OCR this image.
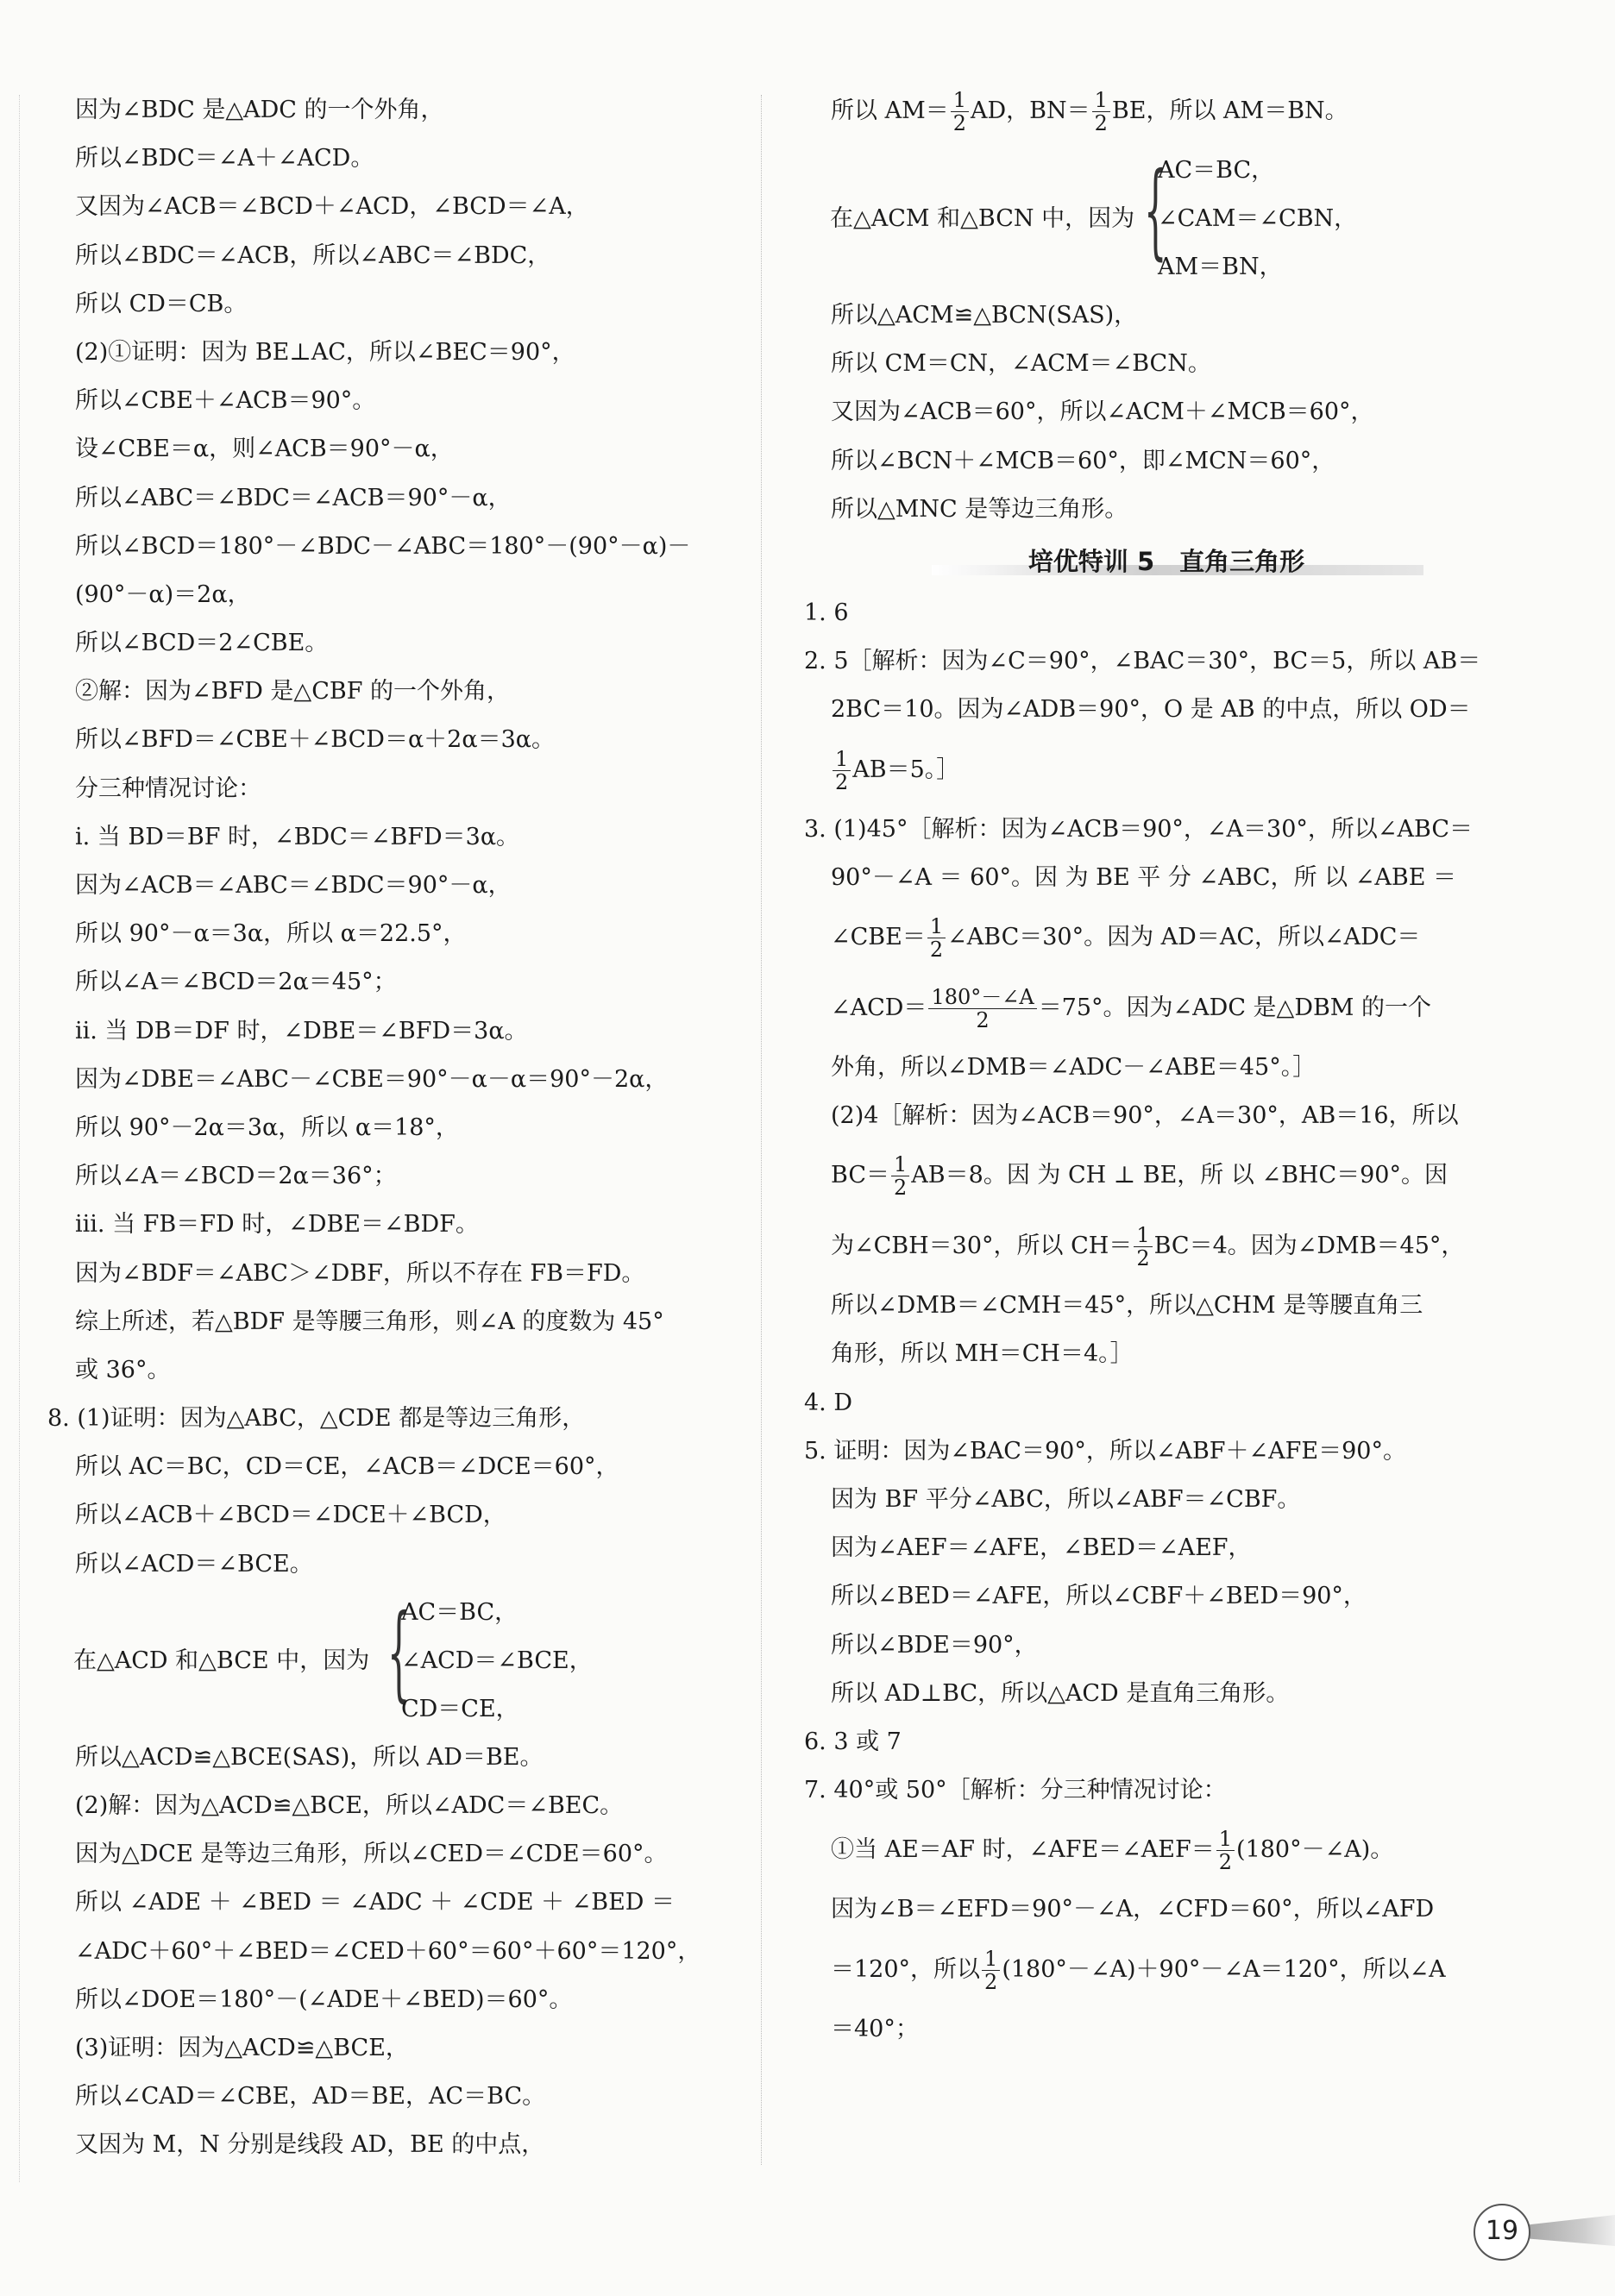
因为∠BDC 是△ADC 的一个外角，
所以∠BDC＝∠A＋∠ACD。
又因为∠ACB＝∠BCD＋∠ACD，∠BCD＝∠A，
所以∠BDC＝∠ACB，所以∠ABC＝∠BDC，
所以 CD＝CB。
(2)①证明：因为 BE⊥AC，所以∠BEC＝90°，
所以∠CBE＋∠ACB＝90°。
设∠CBE＝α，则∠ACB＝90°－α，
所以∠ABC＝∠BDC＝∠ACB＝90°－α，
所以∠BCD＝180°－∠BDC－∠ABC＝180°－(90°－α)－
(90°－α)＝2α，
所以∠BCD＝2∠CBE。
②解：因为∠BFD 是△CBF 的一个外角，
所以∠BFD＝∠CBE＋∠BCD＝α＋2α＝3α。
分三种情况讨论：
ⅰ. 当 BD＝BF 时，∠BDC＝∠BFD＝3α。
因为∠ACB＝∠ABC＝∠BDC＝90°－α，
所以 90°－α＝3α，所以 α＝22.5°，
所以∠A＝∠BCD＝2α＝45°；
ⅱ. 当 DB＝DF 时，∠DBE＝∠BFD＝3α。
因为∠DBE＝∠ABC－∠CBE＝90°－α－α＝90°－2α，
所以 90°－2α＝3α，所以 α＝18°，
所以∠A＝∠BCD＝2α＝36°；
ⅲ. 当 FB＝FD 时，∠DBE＝∠BDF。
因为∠BDF＝∠ABC＞∠DBF，所以不存在 FB＝FD。
综上所述，若△BDF 是等腰三角形，则∠A 的度数为 45°
或 36°。
8. (1)证明：因为△ABC，△CDE 都是等边三角形，
所以 AC＝BC，CD＝CE，∠ACB＝∠DCE＝60°，
所以∠ACB＋∠BCD＝∠DCE＋∠BCD，
所以∠ACD＝∠BCE。
在△ACD 和△BCE 中，因为 {
AC＝BC，
∠ACD＝∠BCE，
CD＝CE，
所以△ACD≌△BCE(SAS)，所以 AD＝BE。
(2)解：因为△ACD≌△BCE，所以∠ADC＝∠BEC。
因为△DCE 是等边三角形，所以∠CED＝∠CDE＝60°。
所以 ∠ADE ＋ ∠BED ＝ ∠ADC ＋ ∠CDE ＋ ∠BED ＝
∠ADC＋60°＋∠BED＝∠CED＋60°＝60°＋60°＝120°，
所以∠DOE＝180°－(∠ADE＋∠BED)＝60°。
(3)证明：因为△ACD≌△BCE，
所以∠CAD＝∠CBE，AD＝BE，AC＝BC。
又因为 M，N 分别是线段 AD，BE 的中点，
所以 $AM= \frac{1}{2}$ AD，$BN= \frac{1}{2}$ BE，所以 AM＝BN。
在△ACM 和△BCN 中，因为 {
AC＝BC，
∠CAM＝∠CBN，
AM＝BN，
所以△ACM≌△BCN(SAS)，
所以 CM＝CN，∠ACM＝∠BCN。
又因为∠ACB＝60°，所以∠ACM＋∠MCB＝60°，
所以∠BCN＋∠MCB＝60°，即∠MCN＝60°，
所以△MNC 是等边三角形。
培优特训 5　直角三角形
1. 6
2. 5［解析：因为∠C＝90°，∠BAC＝30°，BC＝5，所以 AB＝
2BC＝10。因为∠ADB＝90°，O 是 AB 的中点，所以 OD＝
$\frac{1}{2} AB=5$。］
3. (1)45°［解析：因为∠ACB＝90°，∠A＝30°，所以∠ABC＝
90°－∠A ＝ 60°。因 为 BE 平 分 ∠ABC，所 以 ∠ABE ＝
∠CBE＝ $\frac{1}{2}$ ∠ABC＝30°。因为 AD＝AC，所以∠ADC＝
∠ACD＝ $\frac{180^\circ-\angle A}{2} =75^\circ$。因为∠ADC 是△DBM 的一个
外角，所以∠DMB＝∠ADC－∠ABE＝45°。］
(2)4［解析：因为∠ACB＝90°，∠A＝30°，AB＝16，所以
$BC= \frac{1}{2} AB=8$。因 为 CH ⊥ BE，所 以 ∠BHC＝90°。因
为∠CBH＝30°，所以 $CH= \frac{1}{2} BC=4$。因为∠DMB＝45°，
所以∠DMB＝∠CMH＝45°，所以△CHM 是等腰直角三
角形，所以 MH＝CH＝4。］
4. D
5. 证明：因为∠BAC＝90°，所以∠ABF＋∠AFE＝90°。
因为 BF 平分∠ABC，所以∠ABF＝∠CBF。
因为∠AEF＝∠AFE，∠BED＝∠AEF，
所以∠BED＝∠AFE，所以∠CBF＋∠BED＝90°，
所以∠BDE＝90°，
所以 AD⊥BC，所以△ACD 是直角三角形。
6. 3 或 7
7. 40°或 50°［解析：分三种情况讨论：
①当 AE＝AF 时，∠AFE＝∠AEF＝ $\frac{1}{2}$ (180°－∠A)。
因为∠B＝∠EFD＝90°－∠A，∠CFD＝60°，所以∠AFD
＝120°，所以 $\frac{1}{2}$ (180°－∠A)＋90°－∠A＝120°，所以∠A
＝40°；
19
